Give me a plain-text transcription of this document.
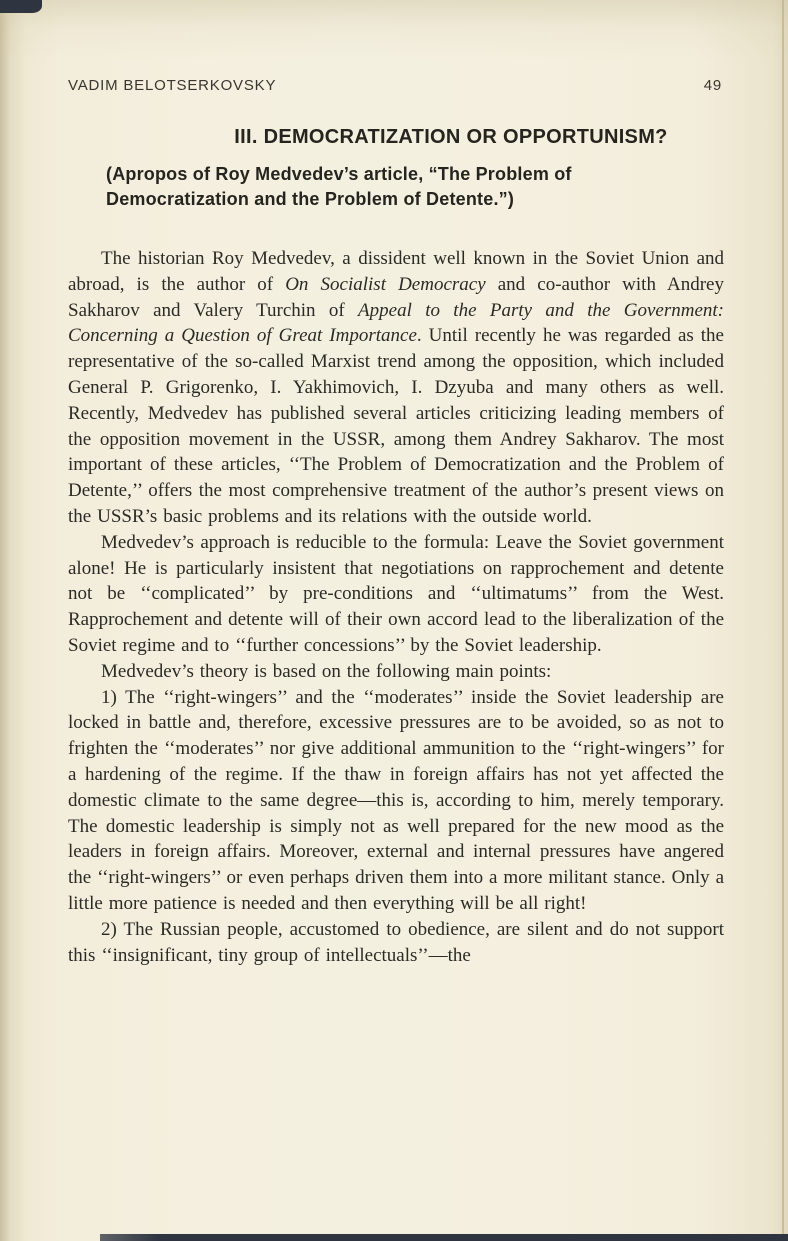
VADIM BELOTSERKOVSKY	49
III. DEMOCRATIZATION OR OPPORTUNISM?
(Apropos of Roy Medvedev’s article, “The Problem of
Democratization and the Problem of Detente.”)

The historian Roy Medvedev, a dissident well known in the Soviet Union and abroad, is the author of On Socialist Democracy and co-author with Andrey Sakharov and Valery Turchin of Appeal to the Party and the Government: Concerning a Question of Great Importance. Until recently he was regarded as the representative of the so-called Marxist trend among the opposition, which included General P. Grigorenko, I. Yakhimovich, I. Dzyuba and many others as well. Recently, Medvedev has published several articles criticizing leading members of the opposition movement in the USSR, among them Andrey Sakharov. The most important of these articles, ‘‘The Problem of Democratization and the Problem of Detente,’’ offers the most comprehensive treatment of the author’s present views on the USSR’s basic problems and its relations with the outside world.

Medvedev’s approach is reducible to the formula: Leave the Soviet government alone! He is particularly insistent that negotiations on rapprochement and detente not be ‘‘complicated’’ by pre-conditions and ‘‘ultimatums’’ from the West. Rapprochement and detente will of their own accord lead to the liberalization of the Soviet regime and to ‘‘further concessions’’ by the Soviet leadership.

Medvedev’s theory is based on the following main points:

1) The ‘‘right-wingers’’ and the ‘‘moderates’’ inside the Soviet leadership are locked in battle and, therefore, excessive pressures are to be avoided, so as not to frighten the ‘‘moderates’’ nor give additional ammunition to the ‘‘right-wingers’’ for a hardening of the regime. If the thaw in foreign affairs has not yet affected the domestic climate to the same degree—this is, according to him, merely temporary. The domestic leadership is simply not as well prepared for the new mood as the leaders in foreign affairs. Moreover, external and internal pressures have angered the ‘‘right-wingers’’ or even perhaps driven them into a more militant stance. Only a little more patience is needed and then everything will be all right!

2) The Russian people, accustomed to obedience, are silent and do not support this ‘‘insignificant, tiny group of intellectuals’’—the
